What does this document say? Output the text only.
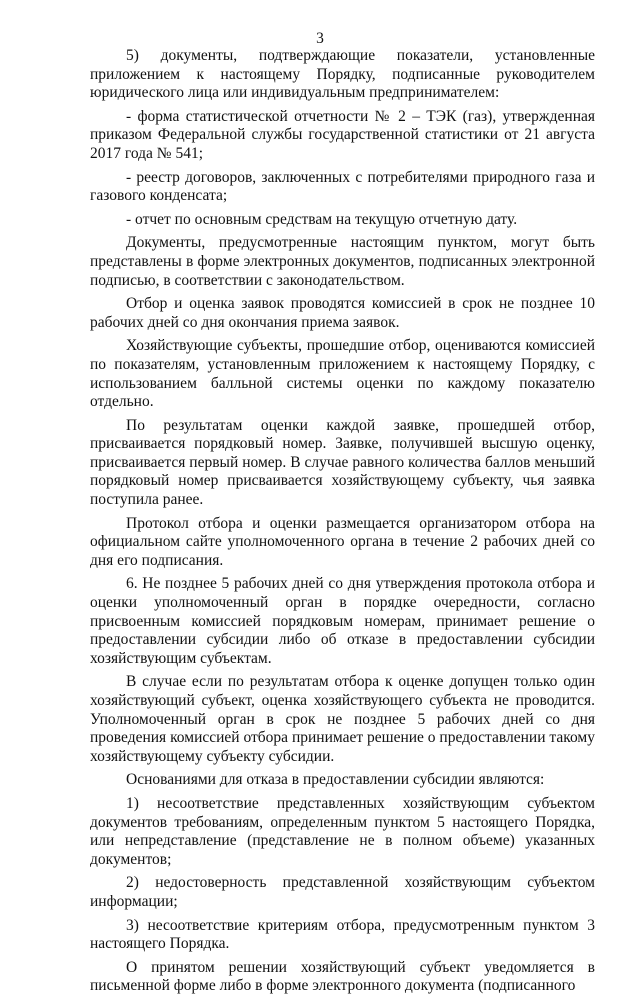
3

5) документы, подтверждающие показатели, установленные приложением к настоящему Порядку, подписанные руководителем юридического лица или индивидуальным предпринимателем:

- форма статистической отчетности № 2 – ТЭК (газ), утвержденная приказом Федеральной службы государственной статистики от 21 августа 2017 года № 541;

- реестр договоров, заключенных с потребителями природного газа и газового конденсата;

- отчет по основным средствам на текущую отчетную дату.

Документы, предусмотренные настоящим пунктом, могут быть представлены в форме электронных документов, подписанных электронной подписью, в соответствии с законодательством.

Отбор и оценка заявок проводятся комиссией в срок не позднее 10 рабочих дней со дня окончания приема заявок.

Хозяйствующие субъекты, прошедшие отбор, оцениваются комиссией по показателям, установленным приложением к настоящему Порядку, с использованием балльной системы оценки по каждому показателю отдельно.

По результатам оценки каждой заявке, прошедшей отбор, присваивается порядковый номер. Заявке, получившей высшую оценку, присваивается первый номер. В случае равного количества баллов меньший порядковый номер присваивается хозяйствующему субъекту, чья заявка поступила ранее.

Протокол отбора и оценки размещается организатором отбора на официальном сайте уполномоченного органа в течение 2 рабочих дней со дня его подписания.

6. Не позднее 5 рабочих дней со дня утверждения протокола отбора и оценки уполномоченный орган в порядке очередности, согласно присвоенным комиссией порядковым номерам, принимает решение о предоставлении субсидии либо об отказе в предоставлении субсидии хозяйствующим субъектам.

В случае если по результатам отбора к оценке допущен только один хозяйствующий субъект, оценка хозяйствующего субъекта не проводится. Уполномоченный орган в срок не позднее 5 рабочих дней со дня проведения комиссией отбора принимает решение о предоставлении такому хозяйствующему субъекту субсидии.

Основаниями для отказа в предоставлении субсидии являются:

1) несоответствие представленных хозяйствующим субъектом документов требованиям, определенным пунктом 5 настоящего Порядка, или непредставление (представление не в полном объеме) указанных документов;

2) недостоверность представленной хозяйствующим субъектом информации;

3) несоответствие критериям отбора, предусмотренным пунктом 3 настоящего Порядка.

О принятом решении хозяйствующий субъект уведомляется в письменной форме либо в форме электронного документа (подписанного
